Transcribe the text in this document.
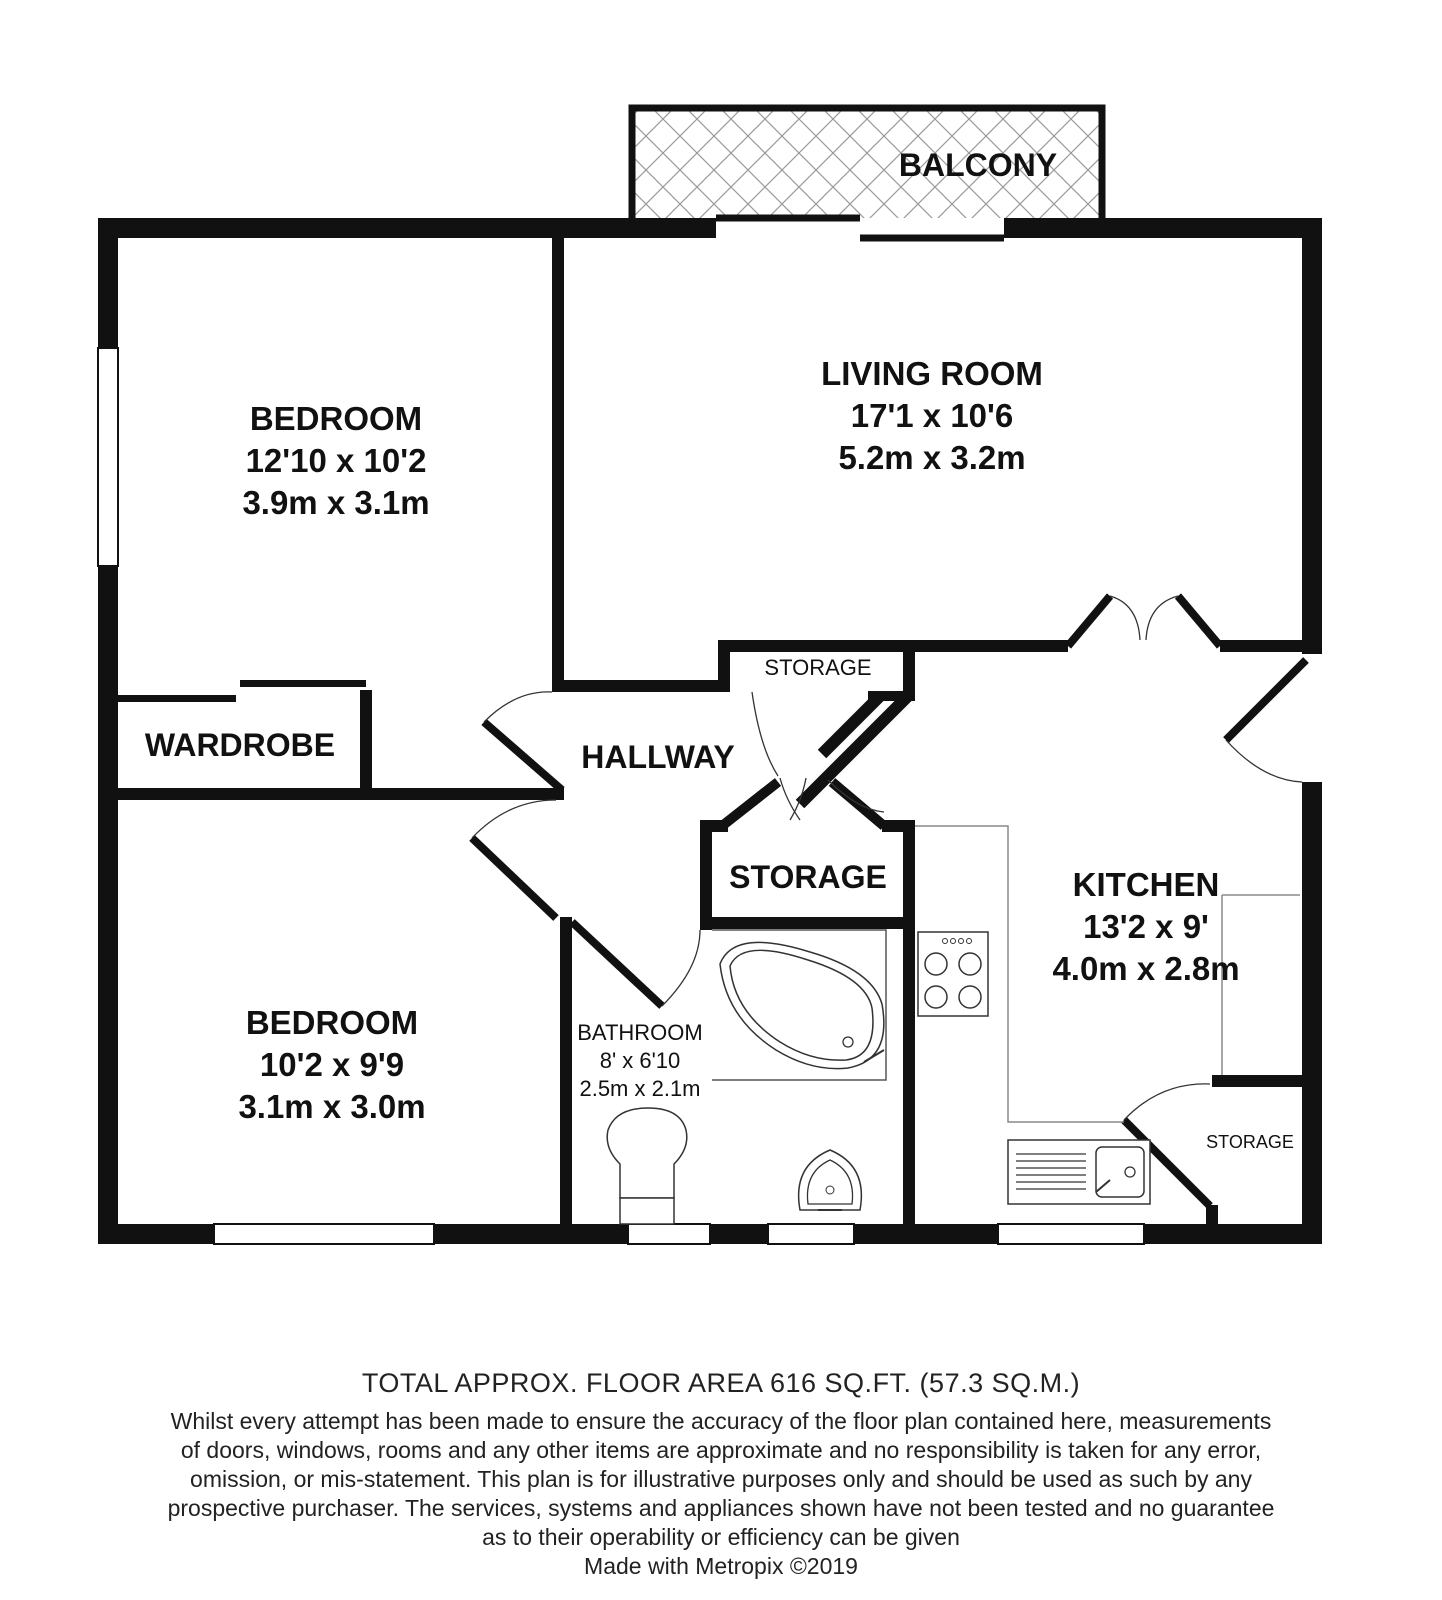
BALCONY
LIVING ROOM
17'1 x 10'6
5.2m x 3.2m
BEDROOM
12'10 x 10'2
3.9m x 3.1m
WARDROBE	HALLWAY
STORAGE
STORAGE	KITCHEN
13'2 x 9'
4.0m x 2.8m
STORAGE
BATHROOM
8' x 6'10
2.5m x 2.1m
BEDROOM
10'2 x 9'9
3.1m x 3.0m
TOTAL APPROX. FLOOR AREA 616 SQ.FT. (57.3 SQ.M.)
Whilst every attempt has been made to ensure the accuracy of the floor plan contained here, measurements
of doors, windows, rooms and any other items are approximate and no responsibility is taken for any error,
omission, or mis-statement. This plan is for illustrative purposes only and should be used as such by any
prospective purchaser. The services, systems and appliances shown have not been tested and no guarantee
as to their operability or efficiency can be given
Made with Metropix ©2019
